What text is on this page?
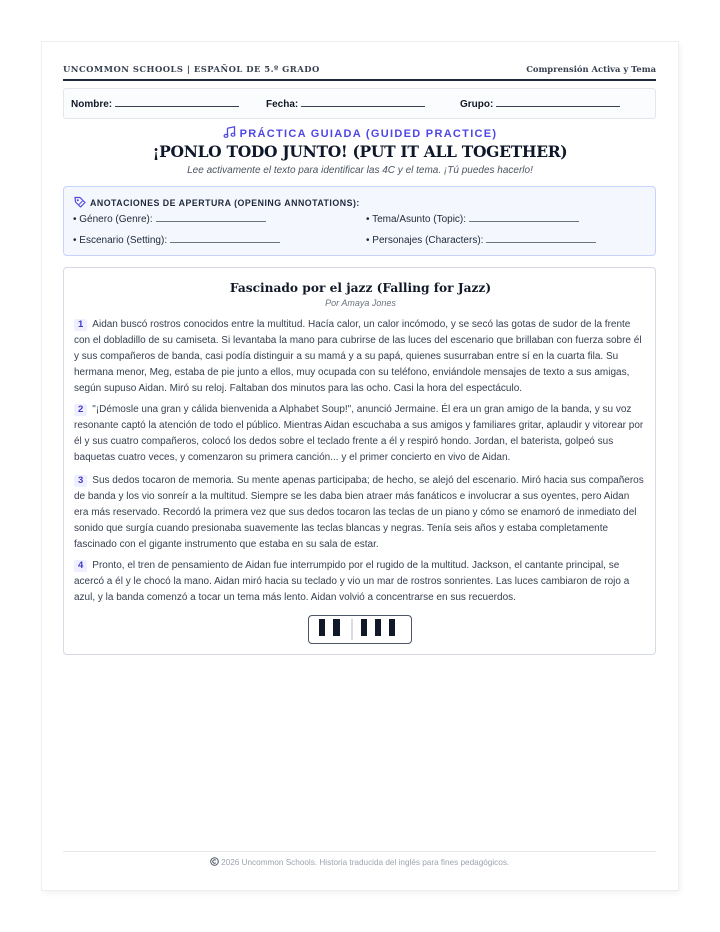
UNCOMMON SCHOOLS | ESPAÑOL DE 5.º GRADO	Comprensión Activa y Tema
Nombre:	Fecha:	Grupo:
PRÁCTICA GUIADA (GUIDED PRACTICE)
¡PONLO TODO JUNTO! (PUT IT ALL TOGETHER)
Lee activamente el texto para identificar las 4C y el tema. ¡Tú puedes hacerlo!
ANOTACIONES DE APERTURA (OPENING ANNOTATIONS):
• Género (Genre):	• Tema/Asunto (Topic):
• Escenario (Setting):	• Personajes (Characters):
Fascinado por el jazz (Falling for Jazz)
Por Amaya Jones
1 Aidan buscó rostros conocidos entre la multitud. Hacía calor, un calor incómodo, y se secó las gotas de sudor de la frente con el dobladillo de su camiseta. Si levantaba la mano para cubrirse de las luces del escenario que brillaban con fuerza sobre él y sus compañeros de banda, casi podía distinguir a su mamá y a su papá, quienes susurraban entre sí en la cuarta fila. Su hermana menor, Meg, estaba de pie junto a ellos, muy ocupada con su teléfono, enviándole mensajes de texto a sus amigas, según supuso Aidan. Miró su reloj. Faltaban dos minutos para las ocho. Casi la hora del espectáculo.
2 "¡Démosle una gran y cálida bienvenida a Alphabet Soup!", anunció Jermaine. Él era un gran amigo de la banda, y su voz resonante captó la atención de todo el público. Mientras Aidan escuchaba a sus amigos y familiares gritar, aplaudir y vitorear por él y sus cuatro compañeros, colocó los dedos sobre el teclado frente a él y respiró hondo. Jordan, el baterista, golpeó sus baquetas cuatro veces, y comenzaron su primera canción... y el primer concierto en vivo de Aidan.
3 Sus dedos tocaron de memoria. Su mente apenas participaba; de hecho, se alejó del escenario. Miró hacia sus compañeros de banda y los vio sonreír a la multitud. Siempre se les daba bien atraer más fanáticos e involucrar a sus oyentes, pero Aidan era más reservado. Recordó la primera vez que sus dedos tocaron las teclas de un piano y cómo se enamoró de inmediato del sonido que surgía cuando presionaba suavemente las teclas blancas y negras. Tenía seis años y estaba completamente fascinado con el gigante instrumento que estaba en su sala de estar.
4 Pronto, el tren de pensamiento de Aidan fue interrumpido por el rugido de la multitud. Jackson, el cantante principal, se acercó a él y le chocó la mano. Aidan miró hacia su teclado y vio un mar de rostros sonrientes. Las luces cambiaron de rojo a azul, y la banda comenzó a tocar un tema más lento. Aidan volvió a concentrarse en sus recuerdos.
2026 Uncommon Schools. Historia traducida del inglés para fines pedagógicos.
